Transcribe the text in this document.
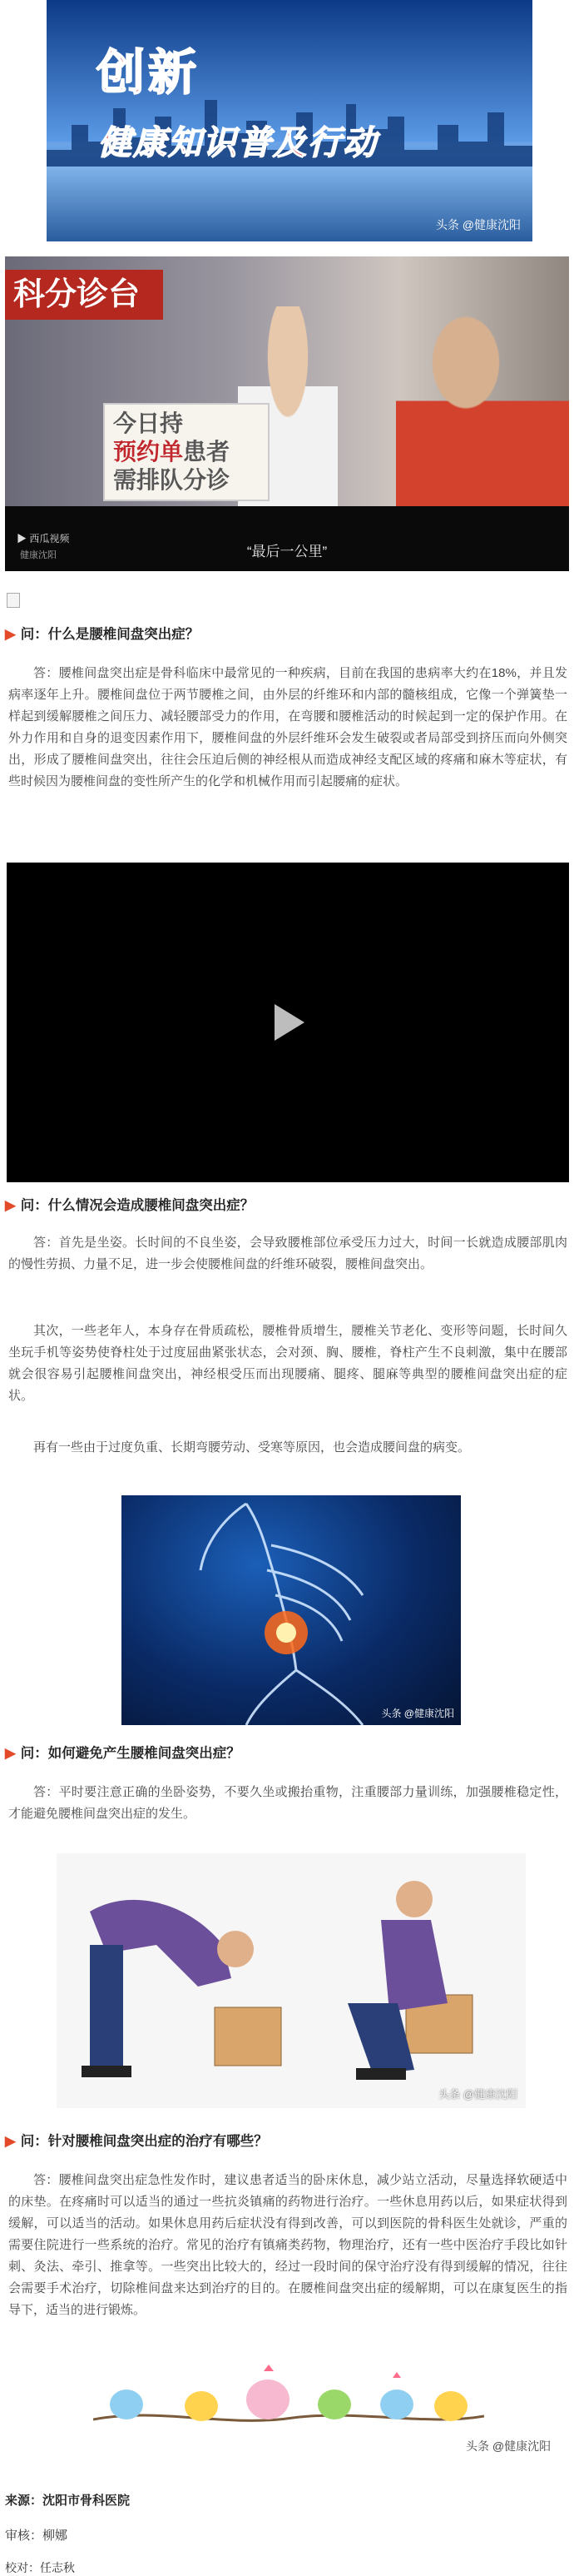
创新
健康知识普及行动
头条 @健康沈阳
科分诊台
今日持
预约单患者
需排队分诊
▶ 西瓜视频
健康沈阳	“最后一公里”
▶ 问：什么是腰椎间盘突出症？
答：腰椎间盘突出症是骨科临床中最常见的一种疾病，目前在我国的患病率大约在18%，并且发病率逐年上升。腰椎间盘位于两节腰椎之间，由外层的纤维环和内部的髓核组成，它像一个弹簧垫一样起到缓解腰椎之间压力、减轻腰部受力的作用，在弯腰和腰椎活动的时候起到一定的保护作用。在外力作用和自身的退变因素作用下，腰椎间盘的外层纤维环会发生破裂或者局部受到挤压而向外侧突出，形成了腰椎间盘突出，往往会压迫后侧的神经根从而造成神经支配区域的疼痛和麻木等症状，有些时候因为腰椎间盘的变性所产生的化学和机械作用而引起腰痛的症状。
▶ 问：什么情况会造成腰椎间盘突出症？
答：首先是坐姿。长时间的不良坐姿，会导致腰椎部位承受压力过大，时间一长就造成腰部肌肉的慢性劳损、力量不足，进一步会使腰椎间盘的纤维环破裂，腰椎间盘突出。
其次，一些老年人，本身存在骨质疏松，腰椎骨质增生，腰椎关节老化、变形等问题，长时间久坐玩手机等姿势使脊柱处于过度屈曲紧张状态，会对颈、胸、腰椎，脊柱产生不良刺激，集中在腰部就会很容易引起腰椎间盘突出，神经根受压而出现腰痛、腿疼、腿麻等典型的腰椎间盘突出症的症状。
再有一些由于过度负重、长期弯腰劳动、受寒等原因，也会造成腰间盘的病变。
头条 @健康沈阳
▶ 问：如何避免产生腰椎间盘突出症？
答：平时要注意正确的坐卧姿势，不要久坐或搬抬重物，注重腰部力量训练，加强腰椎稳定性，才能避免腰椎间盘突出症的发生。
头条 @健康沈阳
▶ 问：针对腰椎间盘突出症的治疗有哪些？
答：腰椎间盘突出症急性发作时，建议患者适当的卧床休息，减少站立活动，尽量选择软硬适中的床垫。在疼痛时可以适当的通过一些抗炎镇痛的药物进行治疗。一些休息用药以后，如果症状得到缓解，可以适当的活动。如果休息用药后症状没有得到改善，可以到医院的骨科医生处就诊，严重的需要住院进行一些系统的治疗。常见的治疗有镇痛类药物，物理治疗，还有一些中医治疗手段比如针刺、灸法、牵引、推拿等。一些突出比较大的，经过一段时间的保守治疗没有得到缓解的情况，往往会需要手术治疗，切除椎间盘来达到治疗的目的。在腰椎间盘突出症的缓解期，可以在康复医生的指导下，适当的进行锻炼。
头条 @健康沈阳
来源：沈阳市骨科医院
审核：柳娜
校对：任志秋
